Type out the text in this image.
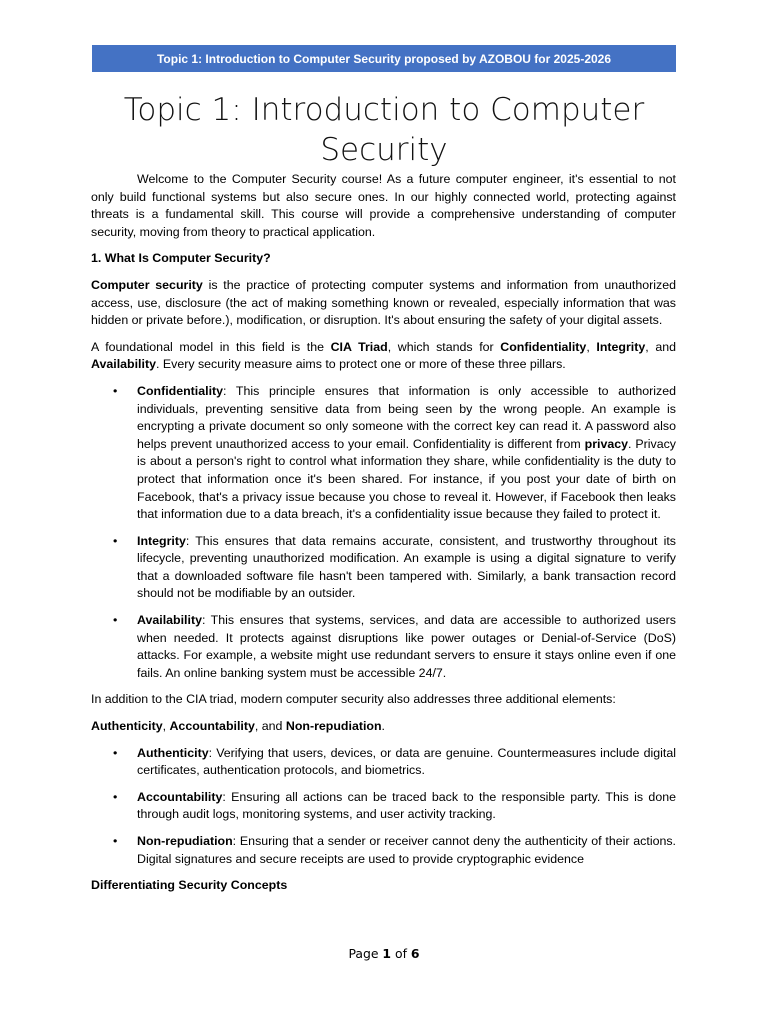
Topic 1: Introduction to Computer Security proposed by AZOBOU for 2025-2026
Topic 1: Introduction to Computer Security

Welcome to the Computer Security course! As a future computer engineer, it's essential to not only build functional systems but also secure ones. In our highly connected world, protecting against threats is a fundamental skill. This course will provide a comprehensive understanding of computer security, moving from theory to practical application.

1. What Is Computer Security?

Computer security is the practice of protecting computer systems and information from unauthorized access, use, disclosure (the act of making something known or revealed, especially information that was hidden or private before.), modification, or disruption. It's about ensuring the safety of your digital assets.

A foundational model in this field is the CIA Triad, which stands for Confidentiality, Integrity, and Availability. Every security measure aims to protect one or more of these three pillars.

• Confidentiality: This principle ensures that information is only accessible to authorized individuals, preventing sensitive data from being seen by the wrong people. An example is encrypting a private document so only someone with the correct key can read it. A password also helps prevent unauthorized access to your email. Confidentiality is different from privacy. Privacy is about a person's right to control what information they share, while confidentiality is the duty to protect that information once it's been shared. For instance, if you post your date of birth on Facebook, that's a privacy issue because you chose to reveal it. However, if Facebook then leaks that information due to a data breach, it's a confidentiality issue because they failed to protect it.
• Integrity: This ensures that data remains accurate, consistent, and trustworthy throughout its lifecycle, preventing unauthorized modification. An example is using a digital signature to verify that a downloaded software file hasn't been tampered with. Similarly, a bank transaction record should not be modifiable by an outsider.
• Availability: This ensures that systems, services, and data are accessible to authorized users when needed. It protects against disruptions like power outages or Denial-of-Service (DoS) attacks. For example, a website might use redundant servers to ensure it stays online even if one fails. An online banking system must be accessible 24/7.

In addition to the CIA triad, modern computer security also addresses three additional elements:

Authenticity, Accountability, and Non-repudiation.

• Authenticity: Verifying that users, devices, or data are genuine. Countermeasures include digital certificates, authentication protocols, and biometrics.
• Accountability: Ensuring all actions can be traced back to the responsible party. This is done through audit logs, monitoring systems, and user activity tracking.
• Non-repudiation: Ensuring that a sender or receiver cannot deny the authenticity of their actions. Digital signatures and secure receipts are used to provide cryptographic evidence
Differentiating Security Concepts
Page 1 of 6
